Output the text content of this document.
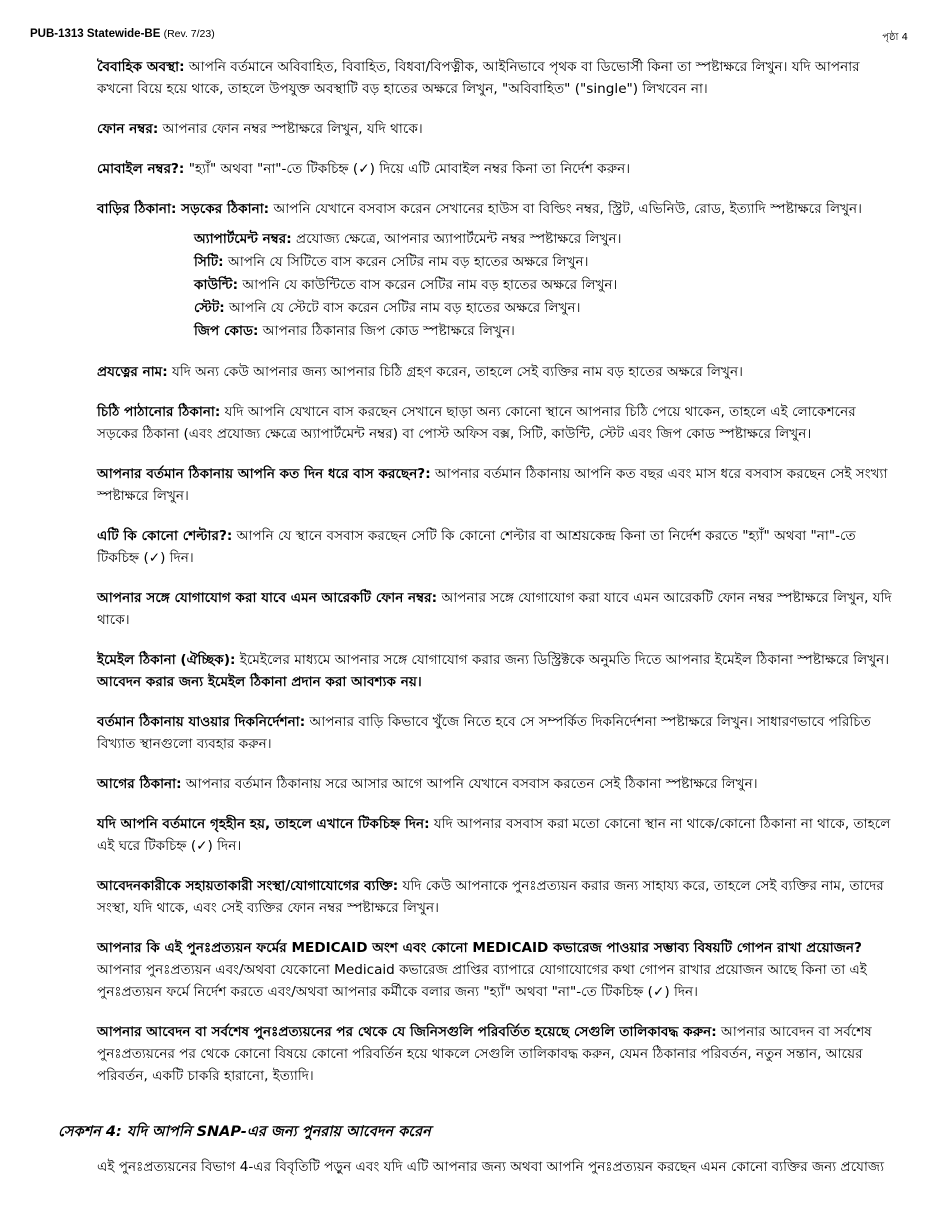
PUB-1313 Statewide-BE (Rev. 7/23)	পৃষ্ঠা 4

বৈবাহিক অবস্থা: আপনি বর্তমানে অবিবাহিত, বিবাহিত, বিধবা/বিপত্নীক, আইনিভাবে পৃথক বা ডিভোর্সী কিনা তা স্পষ্টাক্ষরে লিখুন। যদি আপনার কখনো বিয়ে হয়ে থাকে, তাহলে উপযুক্ত অবস্থাটি বড় হাতের অক্ষরে লিখুন, "অবিবাহিত" ("single") লিখবেন না।

ফোন নম্বর: আপনার ফোন নম্বর স্পষ্টাক্ষরে লিখুন, যদি থাকে।

মোবাইল নম্বর?: "হ্যাঁ" অথবা "না"-তে টিকচিহ্ন (✓) দিয়ে এটি মোবাইল নম্বর কিনা তা নির্দেশ করুন।

বাড়ির ঠিকানা: সড়কের ঠিকানা: আপনি যেখানে বসবাস করেন সেখানের হাউস বা বিল্ডিং নম্বর, স্ট্রিট, এভিনিউ, রোড, ইত্যাদি স্পষ্টাক্ষরে লিখুন।

অ্যাপার্টমেন্ট নম্বর: প্রযোজ্য ক্ষেত্রে, আপনার অ্যাপার্টমেন্ট নম্বর স্পষ্টাক্ষরে লিখুন।
সিটি: আপনি যে সিটিতে বাস করেন সেটির নাম বড় হাতের অক্ষরে লিখুন।
কাউন্টি: আপনি যে কাউন্টিতে বাস করেন সেটির নাম বড় হাতের অক্ষরে লিখুন।
স্টেট: আপনি যে স্টেটে বাস করেন সেটির নাম বড় হাতের অক্ষরে লিখুন।
জিপ কোড: আপনার ঠিকানার জিপ কোড স্পষ্টাক্ষরে লিখুন।

প্রযত্নের নাম: যদি অন্য কেউ আপনার জন্য আপনার চিঠি গ্রহণ করেন, তাহলে সেই ব্যক্তির নাম বড় হাতের অক্ষরে লিখুন।

চিঠি পাঠানোর ঠিকানা: যদি আপনি যেখানে বাস করছেন সেখানে ছাড়া অন্য কোনো স্থানে আপনার চিঠি পেয়ে থাকেন, তাহলে এই লোকেশনের সড়কের ঠিকানা (এবং প্রযোজ্য ক্ষেত্রে অ্যাপার্টমেন্ট নম্বর) বা পোস্ট অফিস বক্স, সিটি, কাউন্টি, স্টেট এবং জিপ কোড স্পষ্টাক্ষরে লিখুন।

আপনার বর্তমান ঠিকানায় আপনি কত দিন ধরে বাস করছেন?: আপনার বর্তমান ঠিকানায় আপনি কত বছর এবং মাস ধরে বসবাস করছেন সেই সংখ্যা স্পষ্টাক্ষরে লিখুন।

এটি কি কোনো শেল্টার?: আপনি যে স্থানে বসবাস করছেন সেটি কি কোনো শেল্টার বা আশ্রয়কেন্দ্র কিনা তা নির্দেশ করতে "হ্যাঁ" অথবা "না"-তে টিকচিহ্ন (✓) দিন।

আপনার সঙ্গে যোগাযোগ করা যাবে এমন আরেকটি ফোন নম্বর: আপনার সঙ্গে যোগাযোগ করা যাবে এমন আরেকটি ফোন নম্বর স্পষ্টাক্ষরে লিখুন, যদি থাকে।

ইমেইল ঠিকানা (ঐচ্ছিক): ইমেইলের মাধ্যমে আপনার সঙ্গে যোগাযোগ করার জন্য ডিস্ট্রিক্টকে অনুমতি দিতে আপনার ইমেইল ঠিকানা স্পষ্টাক্ষরে লিখুন। আবেদন করার জন্য ইমেইল ঠিকানা প্রদান করা আবশ্যক নয়।

বর্তমান ঠিকানায় যাওয়ার দিকনির্দেশনা: আপনার বাড়ি কিভাবে খুঁজে নিতে হবে সে সম্পর্কিত দিকনির্দেশনা স্পষ্টাক্ষরে লিখুন। সাধারণভাবে পরিচিত বিখ্যাত স্থানগুলো ব্যবহার করুন।

আগের ঠিকানা: আপনার বর্তমান ঠিকানায় সরে আসার আগে আপনি যেখানে বসবাস করতেন সেই ঠিকানা স্পষ্টাক্ষরে লিখুন।

যদি আপনি বর্তমানে গৃহহীন হয়, তাহলে এখানে টিকচিহ্ন দিন: যদি আপনার বসবাস করা মতো কোনো স্থান না থাকে/কোনো ঠিকানা না থাকে, তাহলে এই ঘরে টিকচিহ্ন (✓) দিন।

আবেদনকারীকে সহায়তাকারী সংস্থা/যোগাযোগের ব্যক্তি: যদি কেউ আপনাকে পুনঃপ্রত্যয়ন করার জন্য সাহায্য করে, তাহলে সেই ব্যক্তির নাম, তাদের সংস্থা, যদি থাকে, এবং সেই ব্যক্তির ফোন নম্বর স্পষ্টাক্ষরে লিখুন।

আপনার কি এই পুনঃপ্রত্যয়ন ফর্মের MEDICAID অংশ এবং কোনো MEDICAID কভারেজ পাওয়ার সম্ভাব্য বিষয়টি গোপন রাখা প্রয়োজন? আপনার পুনঃপ্রত্যয়ন এবং/অথবা যেকোনো Medicaid কভারেজ প্রাপ্তির ব্যাপারে যোগাযোগের কথা গোপন রাখার প্রয়োজন আছে কিনা তা এই পুনঃপ্রত্যয়ন ফর্মে নির্দেশ করতে এবং/অথবা আপনার কর্মীকে বলার জন্য "হ্যাঁ" অথবা "না"-তে টিকচিহ্ন (✓) দিন।

আপনার আবেদন বা সর্বশেষ পুনঃপ্রত্যয়নের পর থেকে যে জিনিসগুলি পরিবর্তিত হয়েছে সেগুলি তালিকাবদ্ধ করুন: আপনার আবেদন বা সর্বশেষ পুনঃপ্রত্যয়নের পর থেকে কোনো বিষয়ে কোনো পরিবর্তিন হয়ে থাকলে সেগুলি তালিকাবদ্ধ করুন, যেমন ঠিকানার পরিবর্তন, নতুন সন্তান, আয়ের পরিবর্তন, একটি চাকরি হারানো, ইত্যাদি।

সেকশন 4: যদি আপনি SNAP-এর জন্য পুনরায় আবেদন করেন
এই পুনঃপ্রত্যয়নের বিভাগ 4-এর বিবৃতিটি পড়ুন এবং যদি এটি আপনার জন্য অথবা আপনি পুনঃপ্রত্যয়ন করছেন এমন কোনো ব্যক্তির জন্য প্রযোজ্য
